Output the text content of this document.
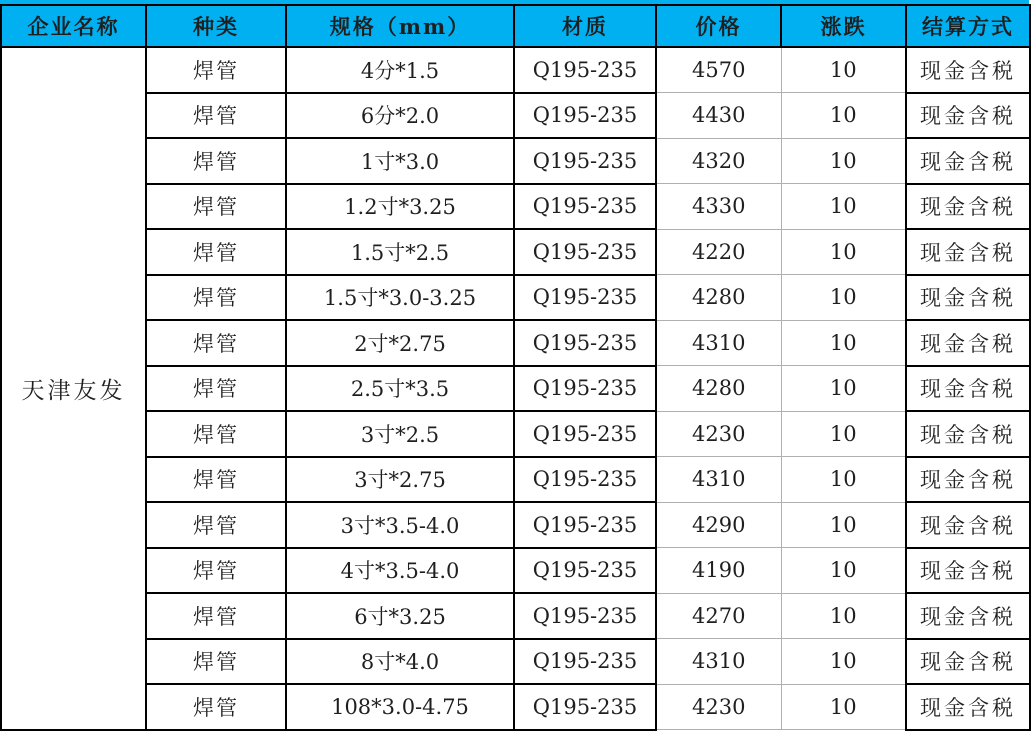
企业名称	种类	规格（mm）	材质	价格	涨跌	结算方式
天津友发	焊管	4分*1.5	Q195-235	4570	10	现金含税
	焊管	6分*2.0	Q195-235	4430	10	现金含税
	焊管	1寸*3.0	Q195-235	4320	10	现金含税
	焊管	1.2寸*3.25	Q195-235	4330	10	现金含税
	焊管	1.5寸*2.5	Q195-235	4220	10	现金含税
	焊管	1.5寸*3.0-3.25	Q195-235	4280	10	现金含税
	焊管	2寸*2.75	Q195-235	4310	10	现金含税
	焊管	2.5寸*3.5	Q195-235	4280	10	现金含税
	焊管	3寸*2.5	Q195-235	4230	10	现金含税
	焊管	3寸*2.75	Q195-235	4310	10	现金含税
	焊管	3寸*3.5-4.0	Q195-235	4290	10	现金含税
	焊管	4寸*3.5-4.0	Q195-235	4190	10	现金含税
	焊管	6寸*3.25	Q195-235	4270	10	现金含税
	焊管	8寸*4.0	Q195-235	4310	10	现金含税
	焊管	108*3.0-4.75	Q195-235	4230	10	现金含税
